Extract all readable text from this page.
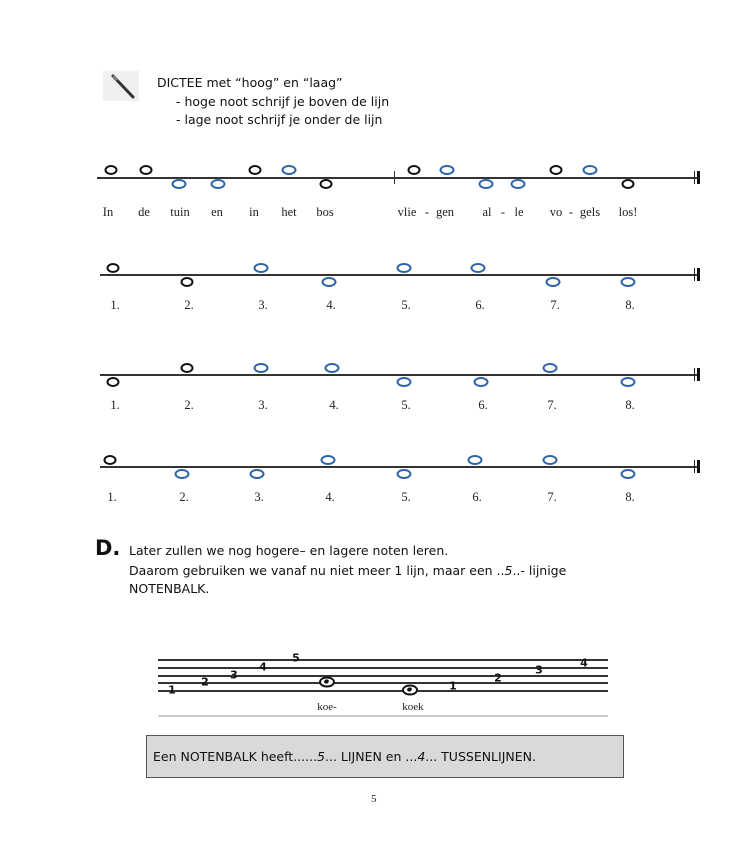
DICTEE met “hoog” en “laag”
- hoge noot schrijf je boven de lijn
- lage noot schrijf je onder de lijn
In de tuin en in het bos	vlie - gen al - le vo - gels los!
1.	2.	3.	4.	5.	6.	7.	8.
1.	2.	3.	4.	5.	6.	7.	8.
1.	2.	3.	4.	5.	6.	7.	8.
D. Later zullen we nog hogere– en lagere noten leren.
Daarom gebruiken we vanaf nu niet meer 1 lijn, maar een ..5..- lijnige
NOTENBALK.
1
2
3
4
5
1
2
3
4
koe-	koek
Een NOTENBALK heeft......5... LIJNEN en ...4... TUSSENLIJNEN.
5
